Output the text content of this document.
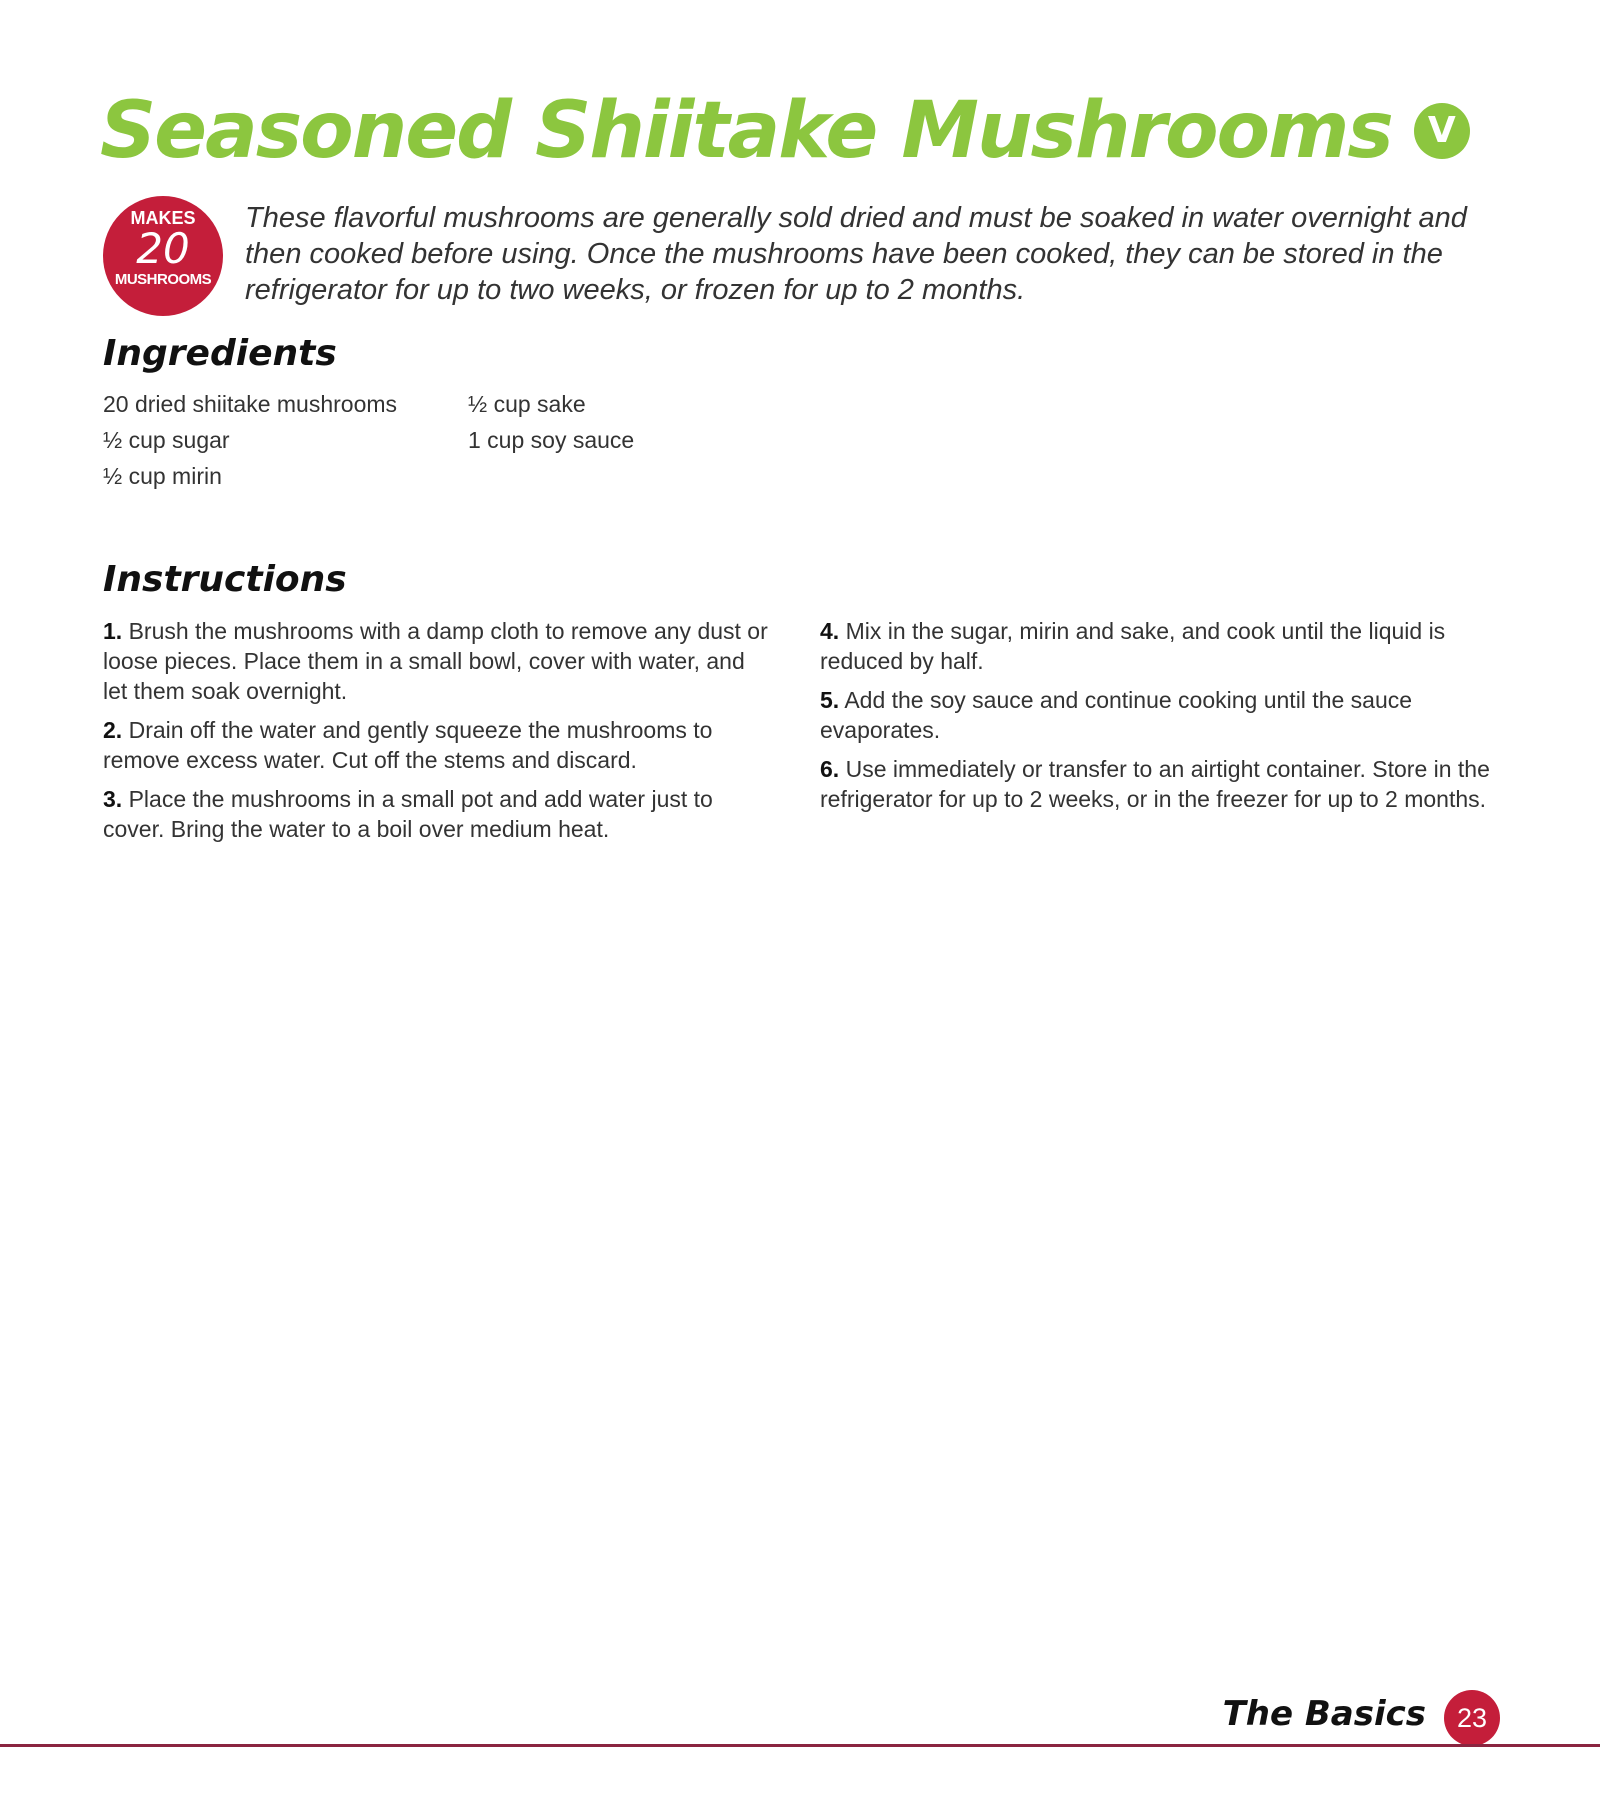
Seasoned Shiitake Mushrooms	V
MAKES
20
MUSHROOMS

These flavorful mushrooms are generally sold dried and must be soaked in water overnight and then cooked before using. Once the mushrooms have been cooked, they can be stored in the refrigerator for up to two weeks, or frozen for up to 2 months.

Ingredients
20 dried shiitake mushrooms	½ cup sake
½ cup sugar	1 cup soy sauce
½ cup mirin
Instructions

1. Brush the mushrooms with a damp cloth to remove any dust or loose pieces. Place them in a small bowl, cover with water, and let them soak overnight.

2. Drain off the water and gently squeeze the mushrooms to remove excess water. Cut off the stems and discard.

3. Place the mushrooms in a small pot and add water just to cover. Bring the water to a boil over medium heat.

4. Mix in the sugar, mirin and sake, and cook until the liquid is reduced by half.

5. Add the soy sauce and continue cooking until the sauce evaporates.

6. Use immediately or transfer to an airtight container. Store in the refrigerator for up to 2 weeks, or in the freezer for up to 2 months.

The Basics	23
